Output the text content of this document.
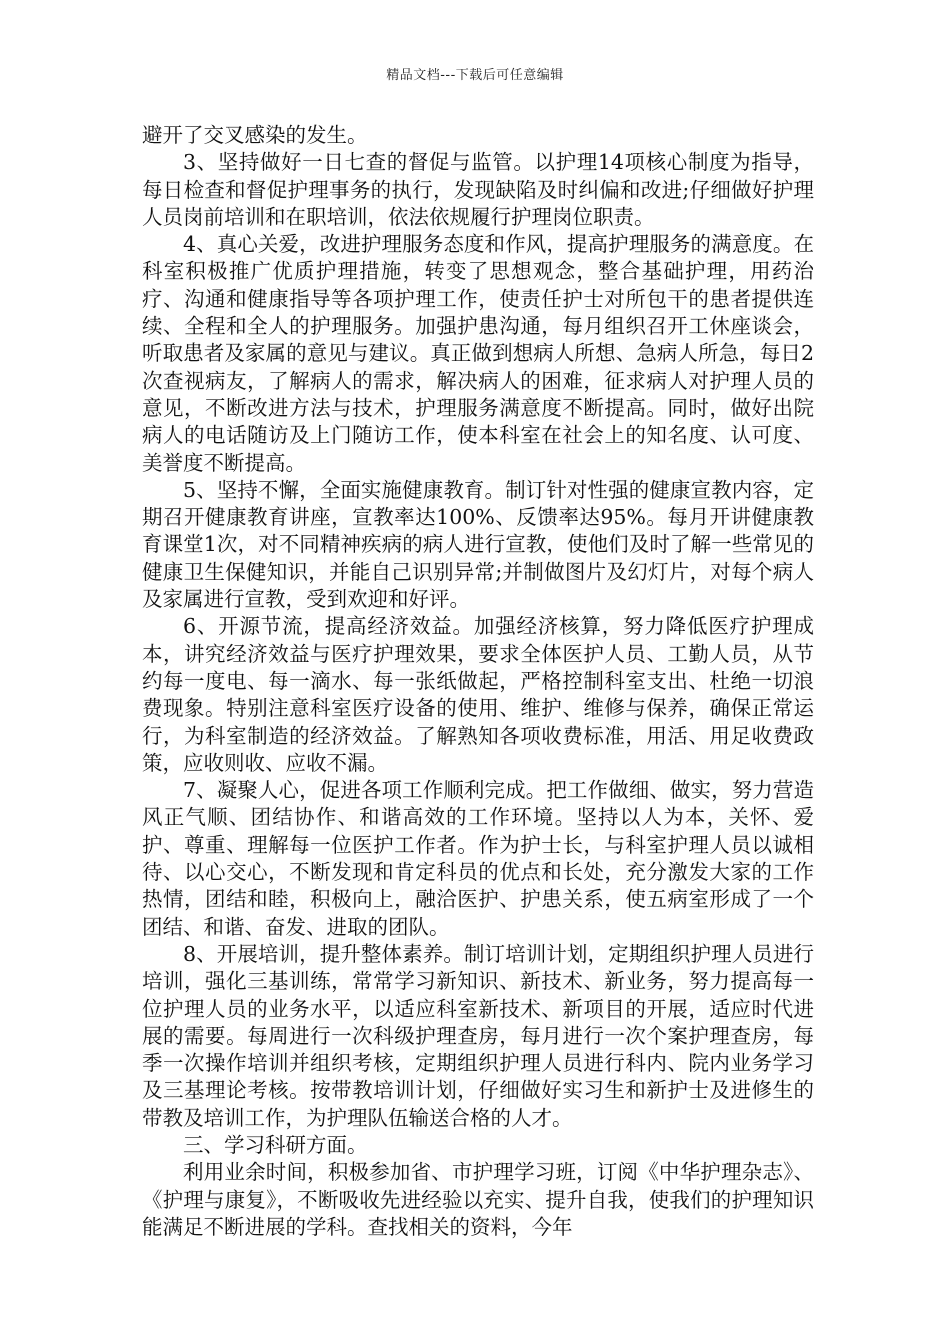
精品文档---下载后可任意编辑

避开了交叉感染的发生。

3、坚持做好一日七查的督促与监管。以护理14项核心制度为指导，每日检查和督促护理事务的执行，发现缺陷及时纠偏和改进;仔细做好护理人员岗前培训和在职培训，依法依规履行护理岗位职责。

4、真心关爱，改进护理服务态度和作风，提高护理服务的满意度。在科室积极推广优质护理措施，转变了思想观念，整合基础护理，用药治疗、沟通和健康指导等各项护理工作，使责任护士对所包干的患者提供连续、全程和全人的护理服务。加强护患沟通，每月组织召开工休座谈会，听取患者及家属的意见与建议。真正做到想病人所想、急病人所急，每日2次查视病友，了解病人的需求，解决病人的困难，征求病人对护理人员的意见，不断改进方法与技术，护理服务满意度不断提高。同时，做好出院病人的电话随访及上门随访工作，使本科室在社会上的知名度、认可度、美誉度不断提高。

5、坚持不懈，全面实施健康教育。制订针对性强的健康宣教内容，定期召开健康教育讲座，宣教率达100%、反馈率达95%。每月开讲健康教育课堂1次，对不同精神疾病的病人进行宣教，使他们及时了解一些常见的健康卫生保健知识，并能自己识别异常;并制做图片及幻灯片，对每个病人及家属进行宣教，受到欢迎和好评。

6、开源节流，提高经济效益。加强经济核算，努力降低医疗护理成本，讲究经济效益与医疗护理效果，要求全体医护人员、工勤人员，从节约每一度电、每一滴水、每一张纸做起，严格控制科室支出、杜绝一切浪费现象。特别注意科室医疗设备的使用、维护、维修与保养，确保正常运行，为科室制造的经济效益。了解熟知各项收费标准，用活、用足收费政策，应收则收、应收不漏。

7、凝聚人心，促进各项工作顺利完成。把工作做细、做实，努力营造风正气顺、团结协作、和谐高效的工作环境。坚持以人为本，关怀、爱护、尊重、理解每一位医护工作者。作为护士长，与科室护理人员以诚相待、以心交心，不断发现和肯定科员的优点和长处，充分激发大家的工作热情，团结和睦，积极向上，融洽医护、护患关系，使五病室形成了一个团结、和谐、奋发、进取的团队。

8、开展培训，提升整体素养。制订培训计划，定期组织护理人员进行培训，强化三基训练，常常学习新知识、新技术、新业务，努力提高每一位护理人员的业务水平，以适应科室新技术、新项目的开展，适应时代进展的需要。每周进行一次科级护理查房，每月进行一次个案护理查房，每季一次操作培训并组织考核，定期组织护理人员进行科内、院内业务学习及三基理论考核。按带教培训计划，仔细做好实习生和新护士及进修生的带教及培训工作，为护理队伍输送合格的人才。

三、学习科研方面。

利用业余时间，积极参加省、市护理学习班，订阅《中华护理杂志》、《护理与康复》，不断吸收先进经验以充实、提升自我，使我们的护理知识能满足不断进展的学科。查找相关的资料，今年
